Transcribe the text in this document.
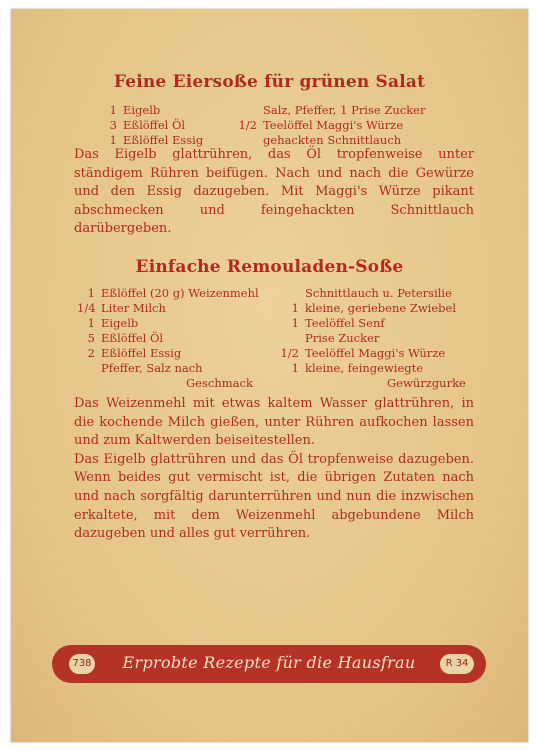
Feine Eiersoße für grünen Salat
1 Eigelb
3 Eßlöffel Öl
1 Eßlöffel Essig
Salz, Pfeffer, 1 Prise Zucker
1/2 Teelöffel Maggi's Würze
gehackten Schnittlauch

Das Eigelb glattrühren, das Öl tropfenweise unter ständigem Rühren beifügen. Nach und nach die Gewürze und den Essig dazugeben. Mit Maggi's Würze pikant abschmecken und feingehackten Schnittlauch darübergeben.

Einfache Remouladen-Soße
1 Eßlöffel (20 g) Weizenmehl
1/4 Liter Milch
1 Eigelb
5 Eßlöffel Öl
2 Eßlöffel Essig
Pfeffer, Salz nach
Geschmack
Schnittlauch u. Petersilie
1 kleine, geriebene Zwiebel
1 Teelöffel Senf
Prise Zucker
1/2 Teelöffel Maggi's Würze
1 kleine, feingewiegte
Gewürzgurke

Das Weizenmehl mit etwas kaltem Wasser glattrühren, in die kochende Milch gießen, unter Rühren aufkochen lassen und zum Kaltwerden beiseitestellen.

Das Eigelb glattrühren und das Öl tropfenweise dazugeben. Wenn beides gut vermischt ist, die übrigen Zutaten nach und nach sorgfältig darunterrühren und nun die inzwischen erkaltete, mit dem Weizenmehl abgebundene Milch dazugeben und alles gut verrühren.

738	Erprobte Rezepte für die Hausfrau	R 34
